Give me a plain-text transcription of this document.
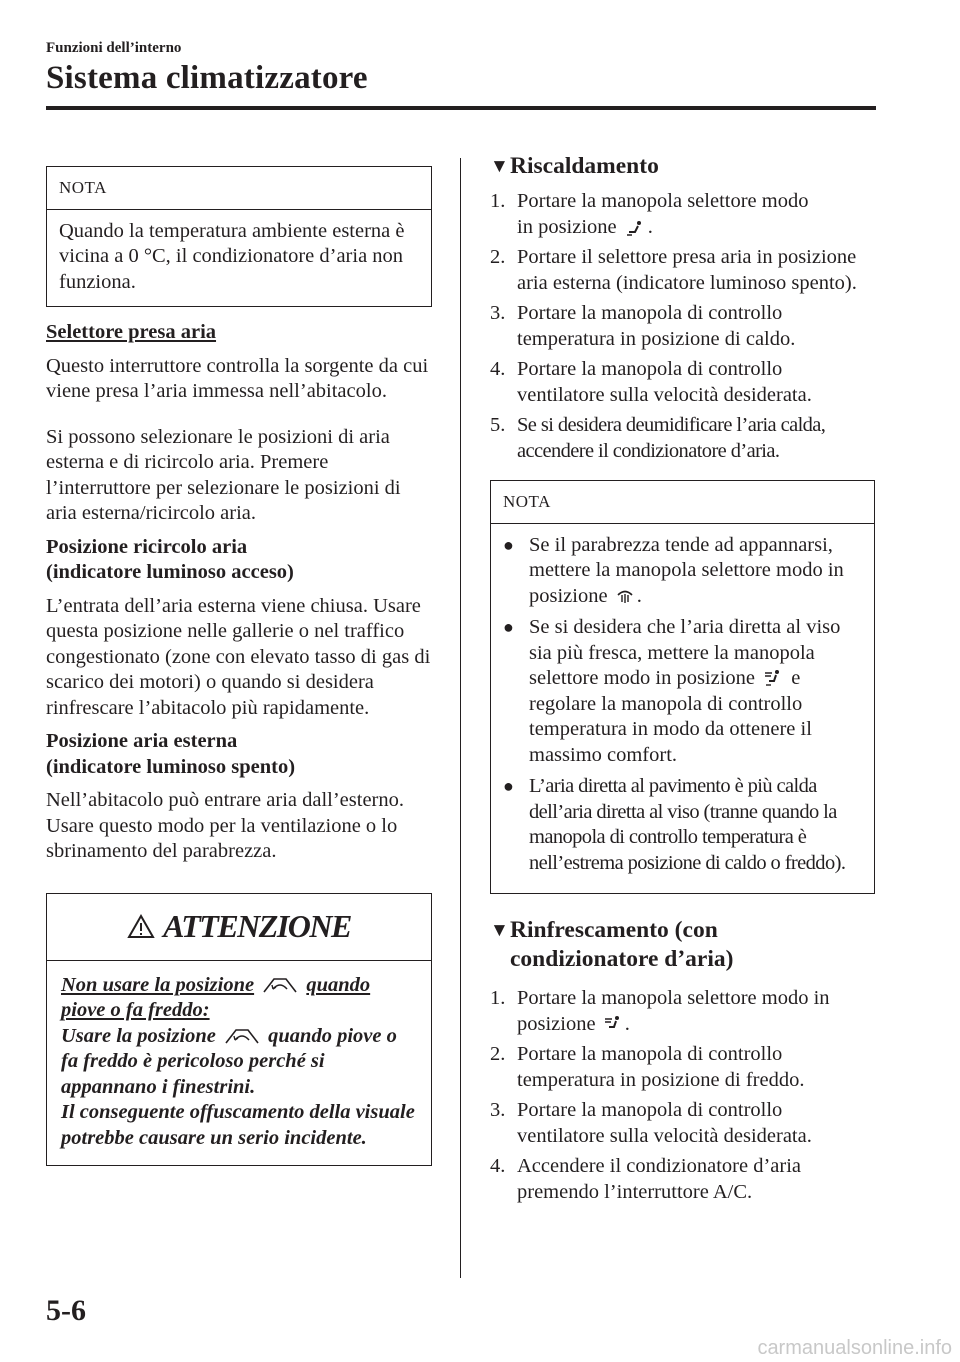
Funzioni dell’interno
Sistema climatizzatore
NOTA
Quando la temperatura ambiente esterna è vicina a 0 °C, il condizionatore d’aria non funziona.

Selettore presa aria

Questo interruttore controlla la sorgente da cui viene presa l’aria immessa nell’abitacolo.

Si possono selezionare le posizioni di aria esterna e di ricircolo aria. Premere l’interruttore per selezionare le posizioni di aria esterna/ricircolo aria.

Posizione ricircolo aria
(indicatore luminoso acceso)

L’entrata dell’aria esterna viene chiusa. Usare questa posizione nelle gallerie o nel traffico congestionato (zone con elevato tasso di gas di scarico dei motori) o quando si desidera rinfrescare l’abitacolo più rapidamente.

Posizione aria esterna
(indicatore luminoso spento)

Nell’abitacolo può entrare aria dall’esterno. Usare questo modo per la ventilazione o lo sbrinamento del parabrezza.

ATTENZIONE
Non usare la posizione	quando
piove o fa freddo:
Usare la posizione	quando piove o fa freddo è pericoloso perché si appannano i finestrini.
Il conseguente offuscamento della visuale potrebbe causare un serio incidente.
▼ Riscaldamento
1. Portare la manopola selettore modo
in posizione .
2. Portare il selettore presa aria in posizione aria esterna (indicatore luminoso spento).
3. Portare la manopola di controllo temperatura in posizione di caldo.
4. Portare la manopola di controllo ventilatore sulla velocità desiderata.
5. Se si desidera deumidificare l’aria calda, accendere il condizionatore d’aria.
NOTA
● Se il parabrezza tende ad appannarsi, mettere la manopola selettore modo in posizione .
● Se si desidera che l’aria diretta al viso sia più fresca, mettere la manopola selettore modo in posizione e regolare la manopola di controllo temperatura in modo da ottenere il massimo comfort.
● L’aria diretta al pavimento è più calda dell’aria diretta al viso (tranne quando la manopola di controllo temperatura è nell’estrema posizione di caldo o freddo).
▼ Rinfrescamento (con
condizionatore d’aria)
1. Portare la manopola selettore modo in posizione .
2. Portare la manopola di controllo temperatura in posizione di freddo.
3. Portare la manopola di controllo ventilatore sulla velocità desiderata.
4. Accendere il condizionatore d’aria premendo l’interruttore A/C.
5-6
carmanualsonline.info
